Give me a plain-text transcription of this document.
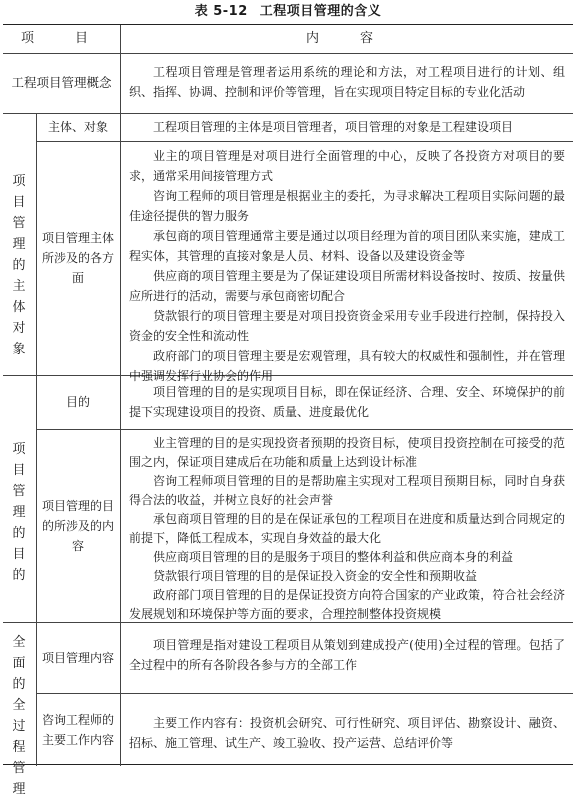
表 5-12 工程项目管理的含义
项　目	内　容
工程项目管理概念

工程项目管理是管理者运用系统的理论和方法，对工程项目进行的计划、组织、指挥、协调、控制和评价等管理，旨在实现项目特定目标的专业化活动

项目管理的主体对象
主体、对象	工程项目管理的主体是项目管理者，项目管理的对象是工程建设项目

项目管理主体所涉及的各方面

业主的项目管理是对项目进行全面管理的中心，反映了各投资方对项目的要求，通常采用间接管理方式

咨询工程师的项目管理是根据业主的委托，为寻求解决工程项目实际问题的最佳途径提供的智力服务

承包商的项目管理通常主要是通过以项目经理为首的项目团队来实施，建成工程实体，其管理的直接对象是人员、材料、设备以及建设资金等

供应商的项目管理主要是为了保证建设项目所需材料设备按时、按质、按量供应所进行的活动，需要与承包商密切配合

贷款银行的项目管理主要是对项目投资资金采用专业手段进行控制，保持投入资金的安全性和流动性

政府部门的项目管理主要是宏观管理，具有较大的权威性和强制性，并在管理中强调发挥行业协会的作用

项目管理的目的
目的

项目管理的目的是实现项目目标，即在保证经济、合理、安全、环境保护的前提下实现建设项目的投资、质量、进度最优化

项目管理的目的所涉及的内容

业主管理的目的是实现投资者预期的投资目标，使项目投资控制在可接受的范围之内，保证项目建成后在功能和质量上达到设计标准

咨询工程师项目管理的目的是帮助雇主实现对工程项目预期目标，同时自身获得合法的收益，并树立良好的社会声誉

承包商项目管理的目的是在保证承包的工程项目在进度和质量达到合同规定的前提下，降低工程成本，实现自身效益的最大化

供应商项目管理的目的是服务于项目的整体利益和供应商本身的利益

贷款银行项目管理的目的是保证投入资金的安全性和预期收益

政府部门项目管理的目的是保证投资方向符合国家的产业政策，符合社会经济发展规划和环境保护等方面的要求，合理控制整体投资规模

全面的全过程管理
项目管理内容

项目管理是指对建设工程项目从策划到建成投产(使用)全过程的管理。包括了全过程中的所有各阶段各参与方的全部工作

咨询工程师的主要工作内容

主要工作内容有：投资机会研究、可行性研究、项目评估、勘察设计、融资、招标、施工管理、试生产、竣工验收、投产运营、总结评价等
